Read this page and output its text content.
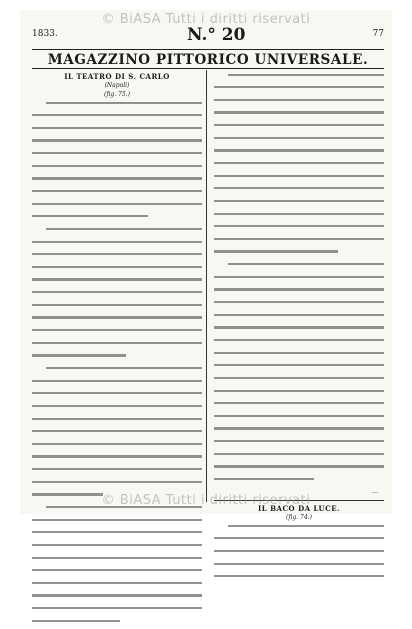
© BiASA Tutti i diritti riservati
1833.	N.° 20	77
MAGAZZINO PITTORICO UNIVERSALE.
IL TEATRO DI S. CARLO
(Napoli)
(fig. 75.)
…
IL BACO DA LUCE.
(fig. 74.)
© BiASA Tutti i diritti riservati
